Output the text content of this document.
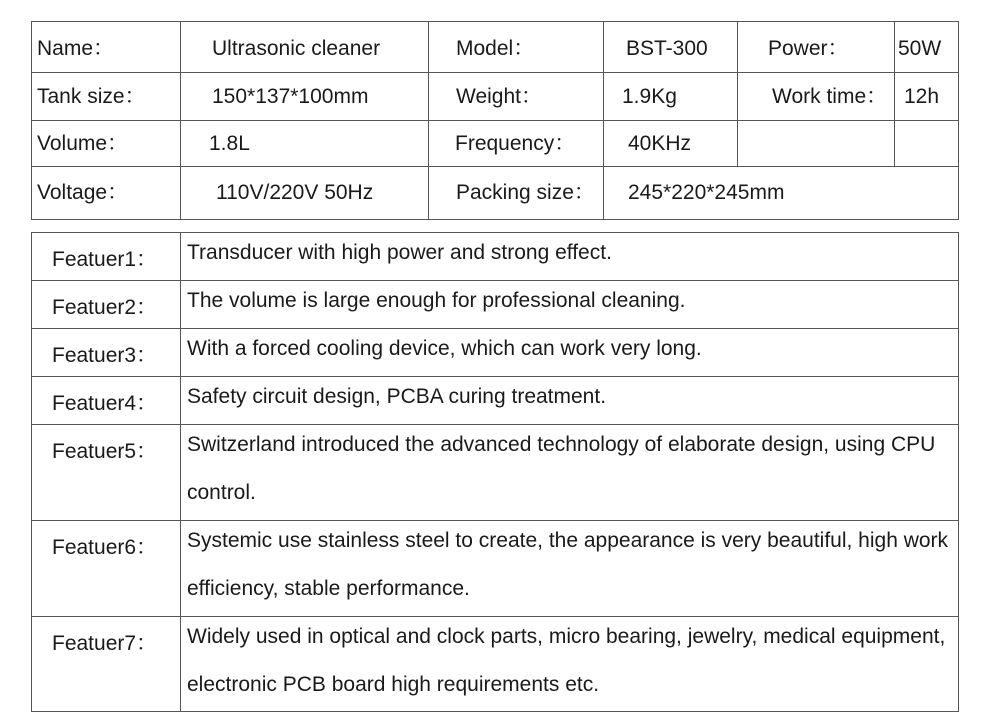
Name：	Ultrasonic cleaner	Model：	BST-300	Power： 50W
Tank size：	150*137*100mm	Weight：	1.9Kg	Work time： 12h
Volume：	1.8L	Frequency：	40KHz
Voltage：	110V/220V 50Hz	Packing size： 245*220*245mm
Featuer1： Transducer with high power and strong effect.
Featuer2： The volume is large enough for professional cleaning.
Featuer3： With a forced cooling device, which can work very long.
Featuer4： Safety circuit design, PCBA curing treatment.
Featuer5： Switzerland introduced the advanced technology of elaborate design, using CPU control.
Featuer6： Systemic use stainless steel to create, the appearance is very beautiful, high work efficiency, stable performance.
Featuer7： Widely used in optical and clock parts, micro bearing, jewelry, medical equipment, electronic PCB board high requirements etc.
